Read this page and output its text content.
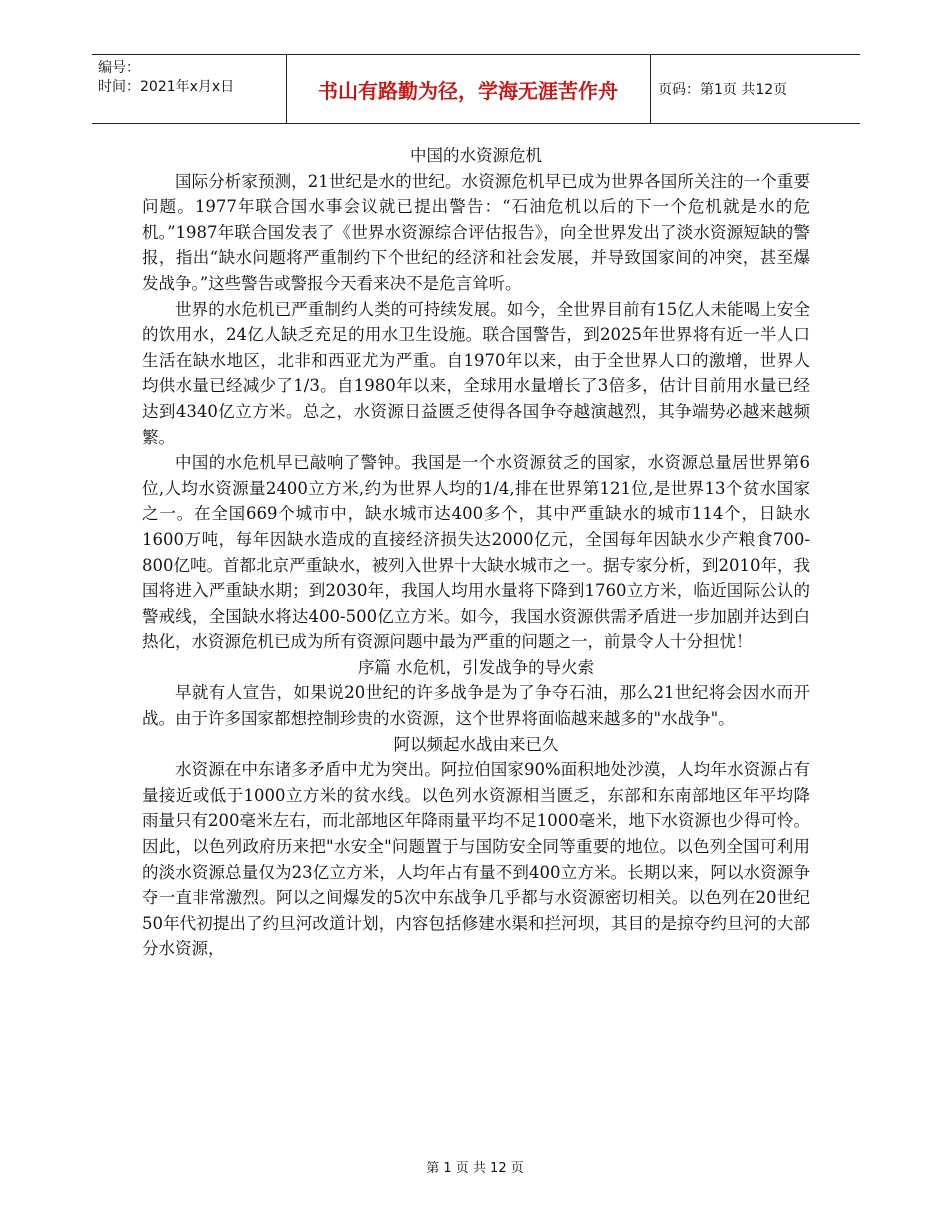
编号：
时间：2021年x月x日	书山有路勤为径，学海无涯苦作舟	页码：第1页 共12页
中国的水资源危机

国际分析家预测，21世纪是水的世纪。水资源危机早已成为世界各国所关注的一个重要问题。1977年联合国水事会议就已提出警告：“石油危机以后的下一个危机就是水的危机。”1987年联合国发表了《世界水资源综合评估报告》，向全世界发出了淡水资源短缺的警报，指出“缺水问题将严重制约下个世纪的经济和社会发展，并导致国家间的冲突，甚至爆发战争。”这些警告或警报今天看来决不是危言耸听。

世界的水危机已严重制约人类的可持续发展。如今，全世界目前有15亿人未能喝上安全的饮用水，24亿人缺乏充足的用水卫生设施。联合国警告，到2025年世界将有近一半人口生活在缺水地区，北非和西亚尤为严重。自1970年以来，由于全世界人口的激增，世界人均供水量已经减少了1/3。自1980年以来，全球用水量增长了3倍多，估计目前用水量已经达到4340亿立方米。总之，水资源日益匮乏使得各国争夺越演越烈，其争端势必越来越频繁。

中国的水危机早已敲响了警钟。我国是一个水资源贫乏的国家，水资源总量居世界第6位,人均水资源量2400立方米,约为世界人均的1/4,排在世界第121位,是世界13个贫水国家之一。在全国669个城市中，缺水城市达400多个，其中严重缺水的城市114个，日缺水1600万吨，每年因缺水造成的直接经济损失达2000亿元，全国每年因缺水少产粮食700-800亿吨。首都北京严重缺水，被列入世界十大缺水城市之一。据专家分析，到2010年，我国将进入严重缺水期；到2030年，我国人均用水量将下降到1760立方米，临近国际公认的警戒线，全国缺水将达400-500亿立方米。如今，我国水资源供需矛盾进一步加剧并达到白热化，水资源危机已成为所有资源问题中最为严重的问题之一，前景令人十分担忧！

序篇 水危机，引发战争的导火索

早就有人宣告，如果说20世纪的许多战争是为了争夺石油，那么21世纪将会因水而开战。由于许多国家都想控制珍贵的水资源，这个世界将面临越来越多的"水战争"。

阿以频起水战由来已久

水资源在中东诸多矛盾中尤为突出。阿拉伯国家90%面积地处沙漠，人均年水资源占有量接近或低于1000立方米的贫水线。以色列水资源相当匮乏，东部和东南部地区年平均降雨量只有200毫米左右，而北部地区年降雨量平均不足1000毫米，地下水资源也少得可怜。因此，以色列政府历来把"水安全"问题置于与国防安全同等重要的地位。以色列全国可利用的淡水资源总量仅为23亿立方米，人均年占有量不到400立方米。长期以来，阿以水资源争夺一直非常激烈。阿以之间爆发的5次中东战争几乎都与水资源密切相关。以色列在20世纪50年代初提出了约旦河改道计划，内容包括修建水渠和拦河坝，其目的是掠夺约旦河的大部分水资源，

第 1 页 共 12 页
